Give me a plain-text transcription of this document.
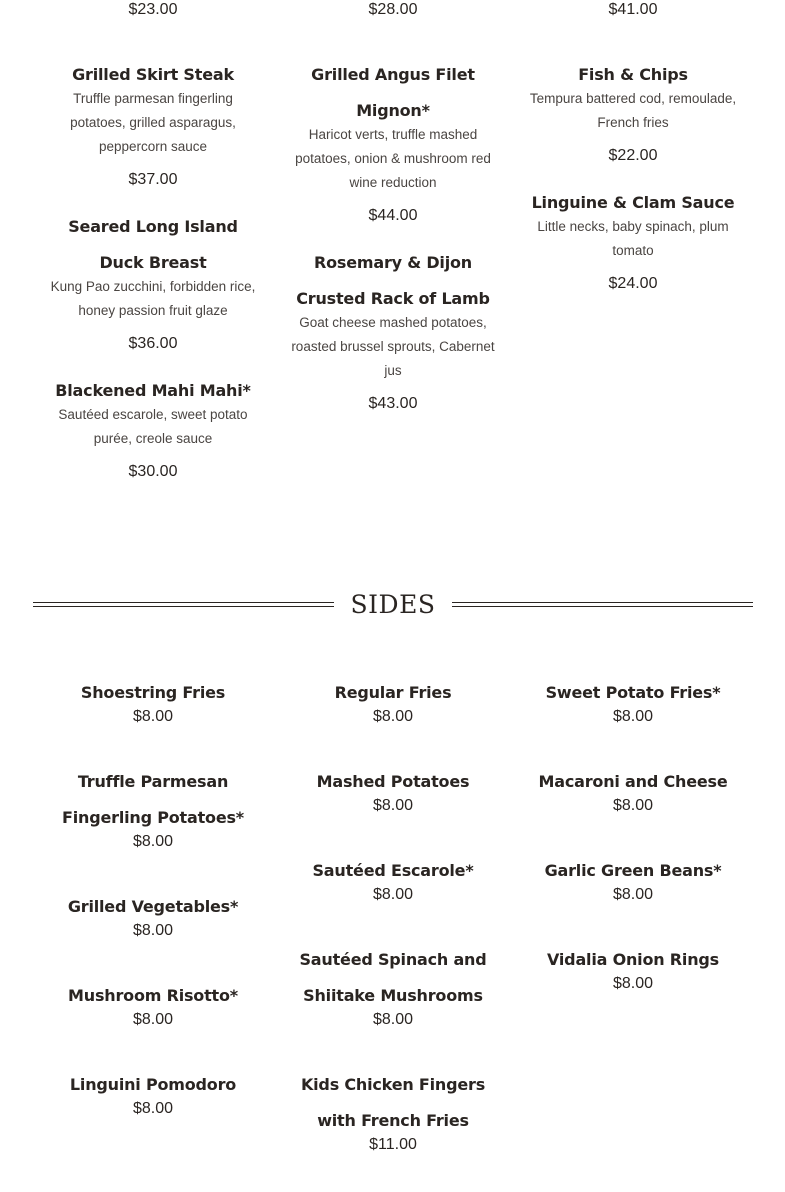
$23.00	$28.00	$41.00
Grilled Skirt Steak
Truffle parmesan fingerling potatoes, grilled asparagus, peppercorn sauce
$37.00
Seared Long Island Duck Breast
Kung Pao zucchini, forbidden rice, honey passion fruit glaze
$36.00
Blackened Mahi Mahi*
Sautéed escarole, sweet potato purée, creole sauce
$30.00
Grilled Angus Filet Mignon*
Haricot verts, truffle mashed potatoes, onion & mushroom red wine reduction
$44.00
Rosemary & Dijon Crusted Rack of Lamb
Goat cheese mashed potatoes, roasted brussel sprouts, Cabernet jus
$43.00
Fish & Chips
Tempura battered cod, remoulade, French fries
$22.00
Linguine & Clam Sauce
Little necks, baby spinach, plum tomato
$24.00
SIDES
Shoestring Fries
$8.00
Truffle Parmesan Fingerling Potatoes*
$8.00
Grilled Vegetables*
$8.00
Mushroom Risotto*
$8.00
Linguini Pomodoro
$8.00
Regular Fries
$8.00
Mashed Potatoes
$8.00
Sautéed Escarole*
$8.00
Sautéed Spinach and Shiitake Mushrooms
$8.00
Kids Chicken Fingers with French Fries
$11.00
Sweet Potato Fries*
$8.00
Macaroni and Cheese
$8.00
Garlic Green Beans*
$8.00
Vidalia Onion Rings
$8.00
